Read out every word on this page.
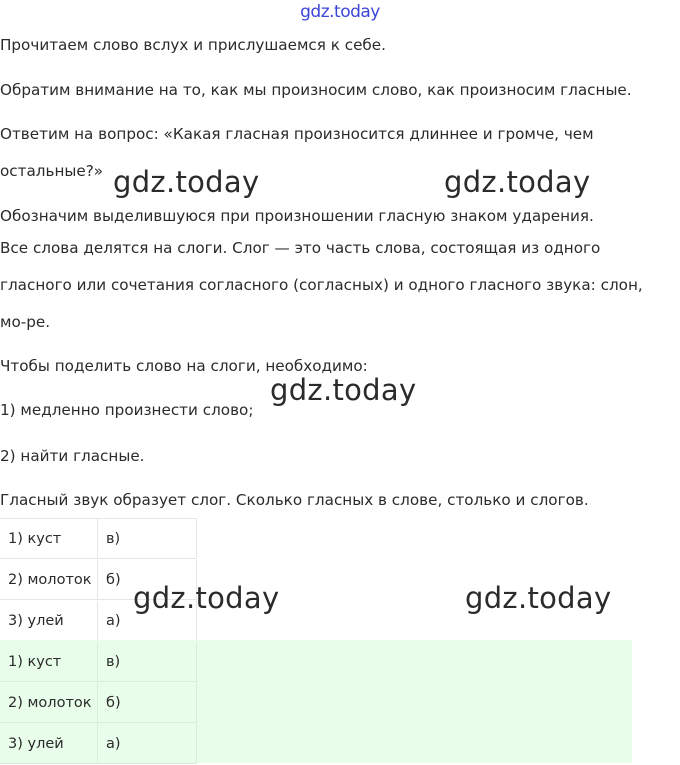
gdz.today
Прочитаем слово вслух и прислушаемся к себе.
Обратим внимание на то, как мы произносим слово, как произносим гласные.
Ответим на вопрос: «Какая гласная произносится длиннее и громче, чем
остальные?»
Обозначим выделившуюся при произношении гласную знаком ударения.
Все слова делятся на слоги. Слог — это часть слова, состоящая из одного
гласного или сочетания согласного (согласных) и одного гласного звука: слон,
мо-ре.
Чтобы поделить слово на слоги, необходимо:
1) медленно произнести слово;
2) найти гласные.
Гласный звук образует слог. Сколько гласных в слове, столько и слогов.
1) куст	в)
2) молоток б)
3) улей	а)
1) куст	в)
2) молоток б)
3) улей	а)
gdz.today	gdz.today
gdz.today
gdz.today	gdz.today
